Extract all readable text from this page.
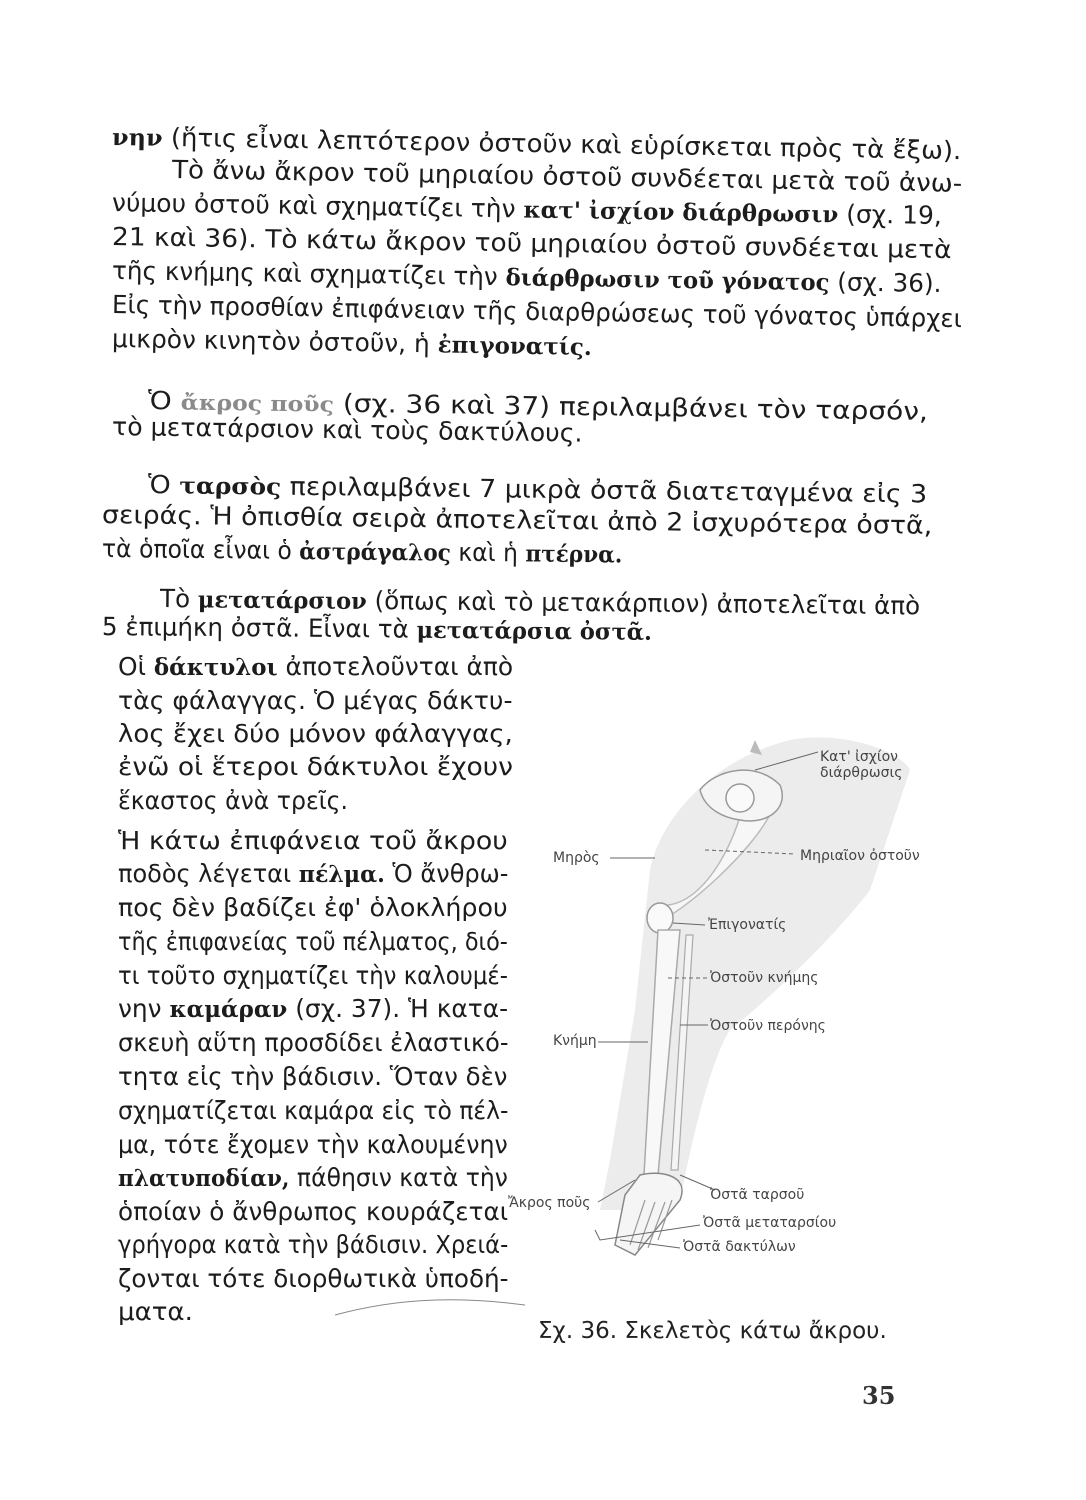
νην (ἥτις εἶναι λεπτότερον ὀστοῦν καὶ εὑρίσκεται πρὸς τὰ ἔξω).
Τὸ ἄνω ἄκρον τοῦ μηριαίου ὀστοῦ συνδέεται μετὰ τοῦ ἀνω-
νύμου ὀστοῦ καὶ σχηματίζει τὴν κατ' ἰσχίον διάρθρωσιν (σχ. 19,
21 καὶ 36). Τὸ κάτω ἄκρον τοῦ μηριαίου ὀστοῦ συνδέεται μετὰ
τῆς κνήμης καὶ σχηματίζει τὴν διάρθρωσιν τοῦ γόνατος (σχ. 36).
Εἰς τὴν προσθίαν ἐπιφάνειαν τῆς διαρθρώσεως τοῦ γόνατος ὑπάρχει
μικρὸν κινητὸν ὀστοῦν, ἡ ἐπιγονατίς.
Ὁ ἄκρος ποῦς (σχ. 36 καὶ 37) περιλαμβάνει τὸν ταρσόν,
τὸ μετατάρσιον καὶ τοὺς δακτύλους.
Ὁ ταρσὸς περιλαμβάνει 7 μικρὰ ὀστᾶ διατεταγμένα εἰς 3
σειράς. Ἡ ὀπισθία σειρὰ ἀποτελεῖται ἀπὸ 2 ἰσχυρότερα ὀστᾶ,
τὰ ὁποῖα εἶναι ὁ ἀστράγαλος καὶ ἡ πτέρνα.
Τὸ μετατάρσιον (ὅπως καὶ τὸ μετακάρπιον) ἀποτελεῖται ἀπὸ
5 ἐπιμήκη ὀστᾶ. Εἶναι τὰ μετατάρσια ὀστᾶ.
Οἱ δάκτυλοι ἀποτελοῦνται ἀπὸ
τὰς φάλαγγας. Ὁ μέγας δάκτυ-
λος ἔχει δύο μόνον φάλαγγας,
ἐνῶ οἱ ἕτεροι δάκτυλοι ἔχουν
ἕκαστος ἀνὰ τρεῖς.
Ἡ κάτω ἐπιφάνεια τοῦ ἄκρου
ποδὸς λέγεται πέλμα. Ὁ ἄνθρω-
πος δὲν βαδίζει ἐφ' ὁλοκλήρου
τῆς ἐπιφανείας τοῦ πέλματος, διό-
τι τοῦτο σχηματίζει τὴν καλουμέ-
νην καμάραν (σχ. 37). Ἡ κατα-
σκευὴ αὕτη προσδίδει ἐλαστικό-
τητα εἰς τὴν βάδισιν. Ὅταν δὲν
σχηματίζεται καμάρα εἰς τὸ πέλ-
μα, τότε ἔχομεν τὴν καλουμένην
πλατυποδίαν, πάθησιν κατὰ τὴν
ὁποίαν ὁ ἄνθρωπος κουράζεται
γρήγορα κατὰ τὴν βάδισιν. Χρειά-
ζονται τότε διορθωτικὰ ὑποδή-
ματα.
Κατ' ἰσχίον διάρθρωσις
Μηρὸς	Μηριαῖον ὀστοῦν
Ἐπιγονατίς
Ὀστοῦν κνήμης
Κνήμη
Ὀστοῦν περόνης
Ἄκρος ποῦς	Ὀστᾶ ταρσοῦ
Ὀστᾶ μεταταρσίου
Ὀστᾶ δακτύλων
Σχ. 36. Σκελετὸς κάτω ἄκρου.
35
